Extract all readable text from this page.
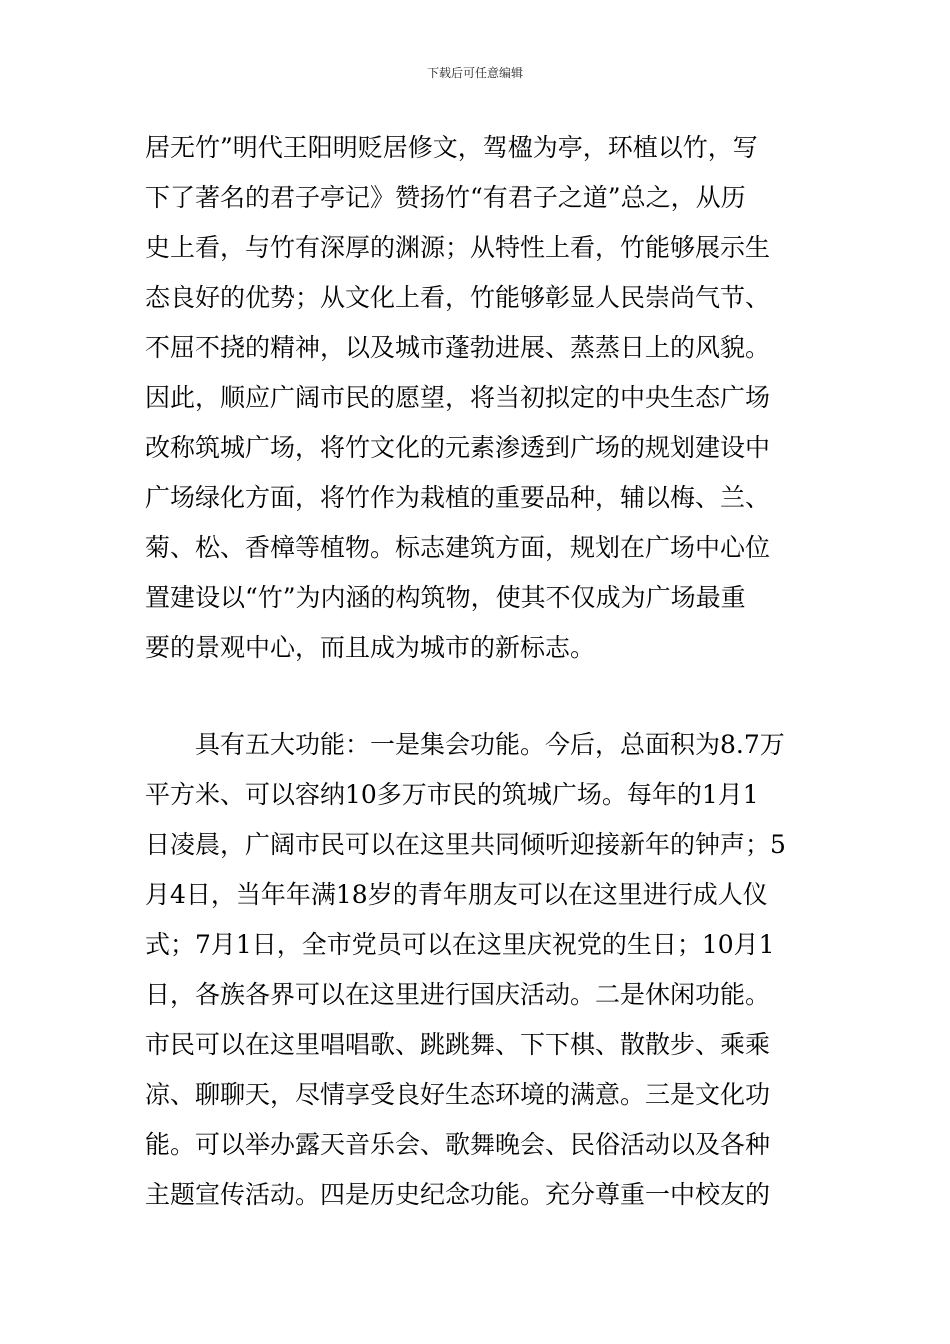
下载后可任意编辑
居无竹”明代王阳明贬居修文，驾楹为亭，环植以竹，写
下了著名的君子亭记》赞扬竹“有君子之道”总之，从历
史上看，与竹有深厚的渊源；从特性上看，竹能够展示生
态良好的优势；从文化上看，竹能够彰显人民崇尚气节、
不屈不挠的精神，以及城市蓬勃进展、蒸蒸日上的风貌。
因此，顺应广阔市民的愿望，将当初拟定的中央生态广场
改称筑城广场，将竹文化的元素渗透到广场的规划建设中
广场绿化方面，将竹作为栽植的重要品种，辅以梅、兰、
菊、松、香樟等植物。标志建筑方面，规划在广场中心位
置建设以“竹”为内涵的构筑物，使其不仅成为广场最重
要的景观中心，而且成为城市的新标志。
　　具有五大功能：一是集会功能。今后，总面积为8.7万
平方米、可以容纳10多万市民的筑城广场。每年的1月1
日凌晨，广阔市民可以在这里共同倾听迎接新年的钟声；5
月4日，当年年满18岁的青年朋友可以在这里进行成人仪
式；7月1日，全市党员可以在这里庆祝党的生日；10月1
日，各族各界可以在这里进行国庆活动。二是休闲功能。
市民可以在这里唱唱歌、跳跳舞、下下棋、散散步、乘乘
凉、聊聊天，尽情享受良好生态环境的满意。三是文化功
能。可以举办露天音乐会、歌舞晚会、民俗活动以及各种
主题宣传活动。四是历史纪念功能。充分尊重一中校友的
